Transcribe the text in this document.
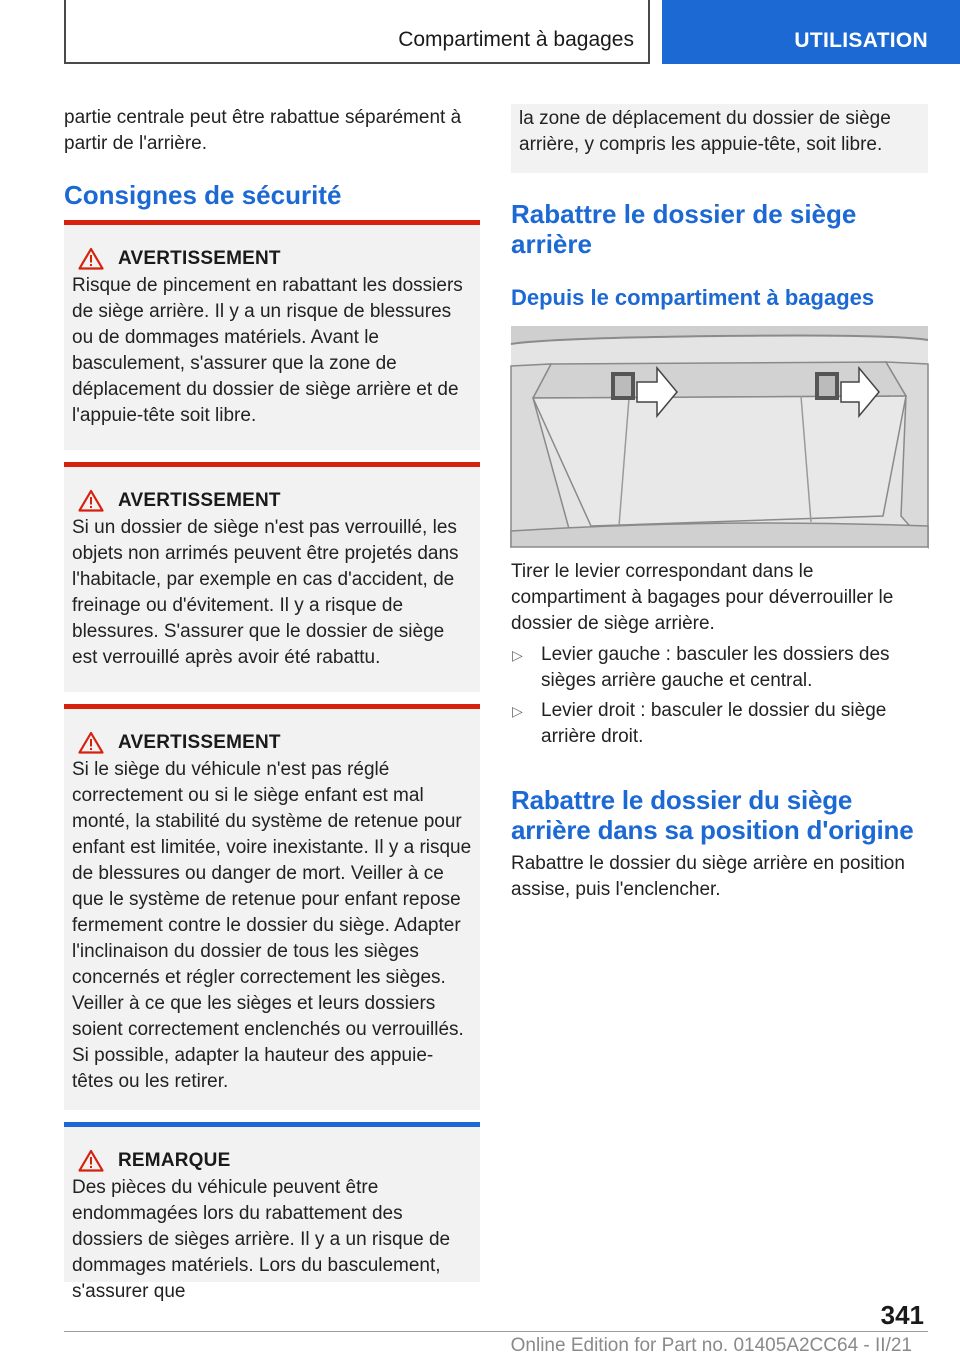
Compartiment à bagages	UTILISATION

partie centrale peut être rabattue séparément à partir de l'arrière.

Consignes de sécurité
AVERTISSEMENT

Risque de pincement en rabattant les dossiers de siège arrière. Il y a un risque de blessures ou de dommages matériels. Avant le basculement, s'assurer que la zone de déplacement du dossier de siège arrière et de l'appuie-tête soit libre.

AVERTISSEMENT

Si un dossier de siège n'est pas verrouillé, les objets non arrimés peuvent être projetés dans l'habitacle, par exemple en cas d'accident, de freinage ou d'évitement. Il y a risque de blessures. S'assurer que le dossier de siège est verrouillé après avoir été rabattu.

AVERTISSEMENT

Si le siège du véhicule n'est pas réglé correctement ou si le siège enfant est mal monté, la stabilité du système de retenue pour enfant est limitée, voire inexistante. Il y a risque de blessures ou danger de mort. Veiller à ce que le système de retenue pour enfant repose fermement contre le dossier du siège. Adapter l'inclinaison du dossier de tous les sièges concernés et régler correctement les sièges. Veiller à ce que les sièges et leurs dossiers soient correctement enclenchés ou verrouillés. Si possible, adapter la hauteur des appuie-têtes ou les retirer.

REMARQUE

Des pièces du véhicule peuvent être endommagées lors du rabattement des dossiers de sièges arrière. Il y a un risque de dommages matériels. Lors du basculement, s'assurer que

la zone de déplacement du dossier de siège arrière, y compris les appuie-tête, soit libre.

Rabattre le dossier de siège arrière
Depuis le compartiment à bagages

Tirer le levier correspondant dans le compartiment à bagages pour déverrouiller le dossier de siège arrière.

▷ Levier gauche : basculer les dossiers des sièges arrière gauche et central.
▷ Levier droit : basculer le dossier du siège arrière droit.
Rabattre le dossier du siège arrière dans sa position d'origine

Rabattre le dossier du siège arrière en position assise, puis l'enclencher.

341
Online Edition for Part no. 01405A2CC64 - II/21
